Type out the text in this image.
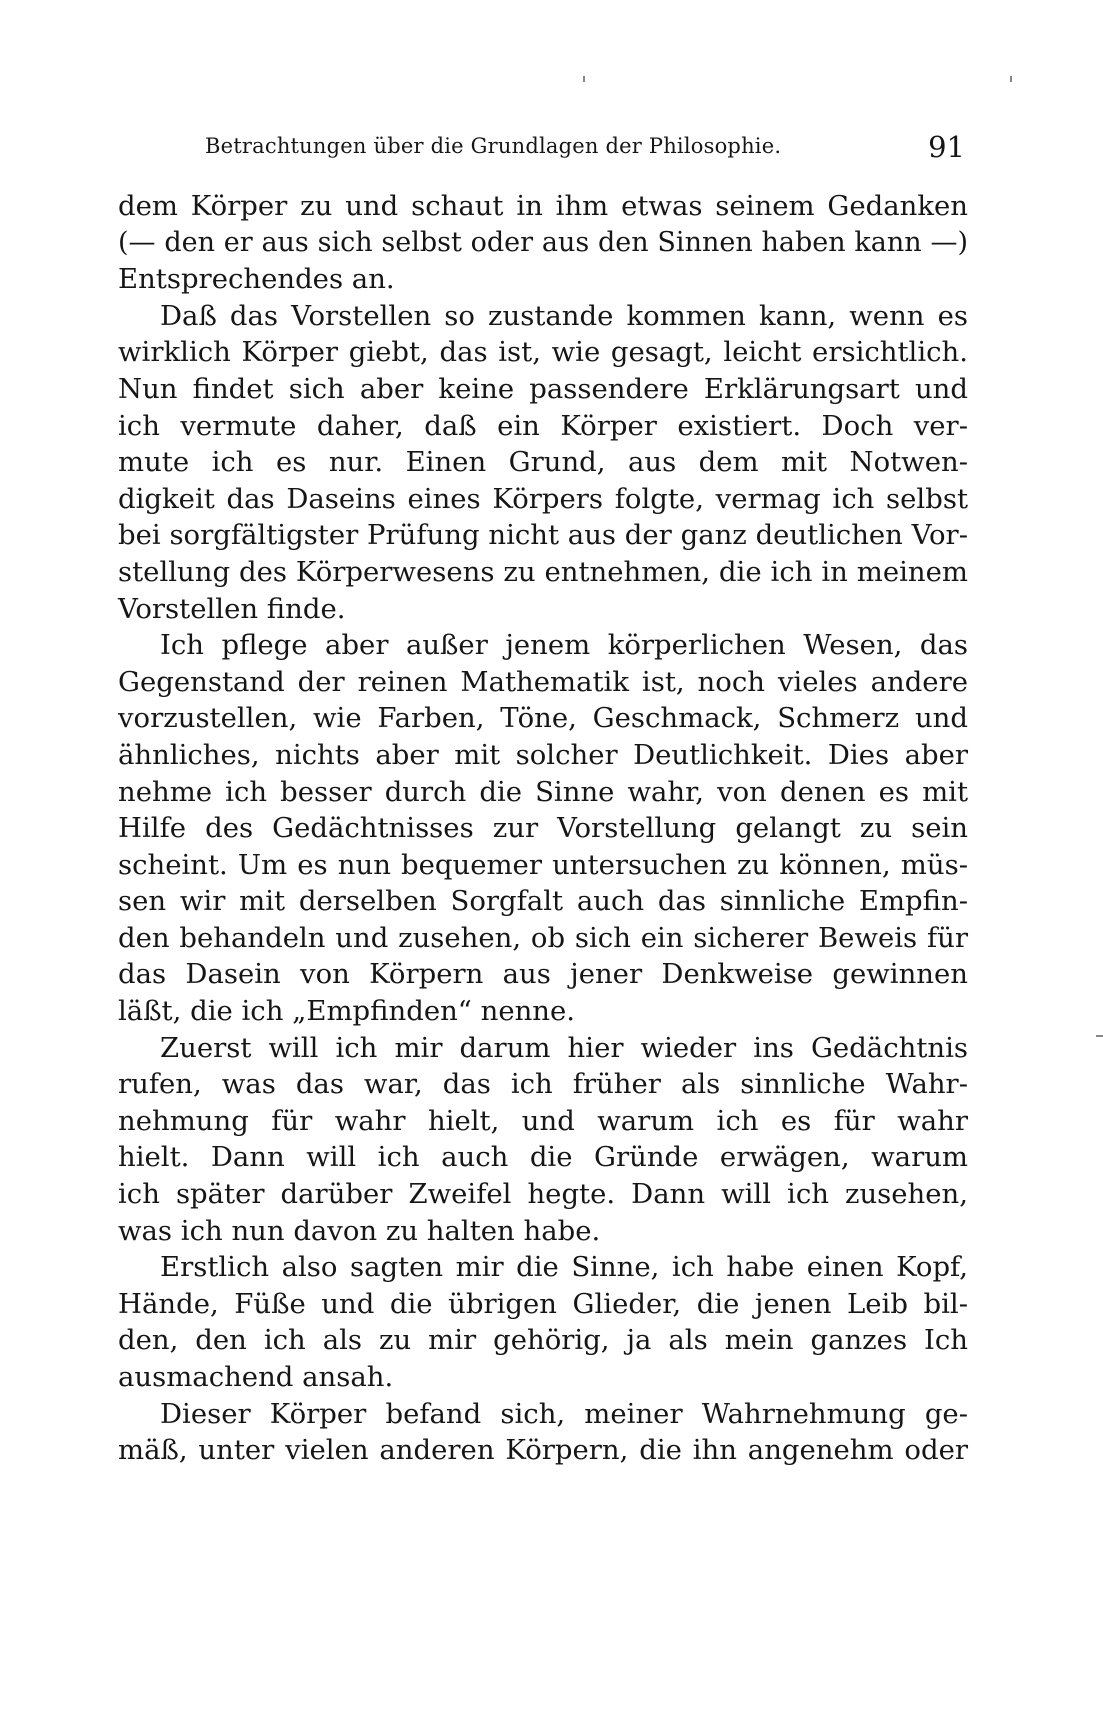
Betrachtungen über die Grundlagen der Philosophie.	91
dem Körper zu und schaut in ihm etwas seinem Gedanken
(— den er aus sich selbst oder aus den Sinnen haben kann —)
Entsprechendes an.
Daß das Vorstellen so zustande kommen kann, wenn es
wirklich Körper giebt, das ist, wie gesagt, leicht ersichtlich.
Nun findet sich aber keine passendere Erklärungsart und
ich vermute daher, daß ein Körper existiert. Doch ver-
mute ich es nur. Einen Grund, aus dem mit Notwen-
digkeit das Daseins eines Körpers folgte, vermag ich selbst
bei sorgfältigster Prüfung nicht aus der ganz deutlichen Vor-
stellung des Körperwesens zu entnehmen, die ich in meinem
Vorstellen finde.
Ich pflege aber außer jenem körperlichen Wesen, das
Gegenstand der reinen Mathematik ist, noch vieles andere
vorzustellen, wie Farben, Töne, Geschmack, Schmerz und
ähnliches, nichts aber mit solcher Deutlichkeit. Dies aber
nehme ich besser durch die Sinne wahr, von denen es mit
Hilfe des Gedächtnisses zur Vorstellung gelangt zu sein
scheint. Um es nun bequemer untersuchen zu können, müs-
sen wir mit derselben Sorgfalt auch das sinnliche Empfin-
den behandeln und zusehen, ob sich ein sicherer Beweis für
das Dasein von Körpern aus jener Denkweise gewinnen
läßt, die ich „Empfinden“ nenne.
Zuerst will ich mir darum hier wieder ins Gedächtnis
rufen, was das war, das ich früher als sinnliche Wahr-
nehmung für wahr hielt, und warum ich es für wahr
hielt. Dann will ich auch die Gründe erwägen, warum
ich später darüber Zweifel hegte. Dann will ich zusehen,
was ich nun davon zu halten habe.
Erstlich also sagten mir die Sinne, ich habe einen Kopf,
Hände, Füße und die übrigen Glieder, die jenen Leib bil-
den, den ich als zu mir gehörig, ja als mein ganzes Ich
ausmachend ansah.
Dieser Körper befand sich, meiner Wahrnehmung ge-
mäß, unter vielen anderen Körpern, die ihn angenehm oder
